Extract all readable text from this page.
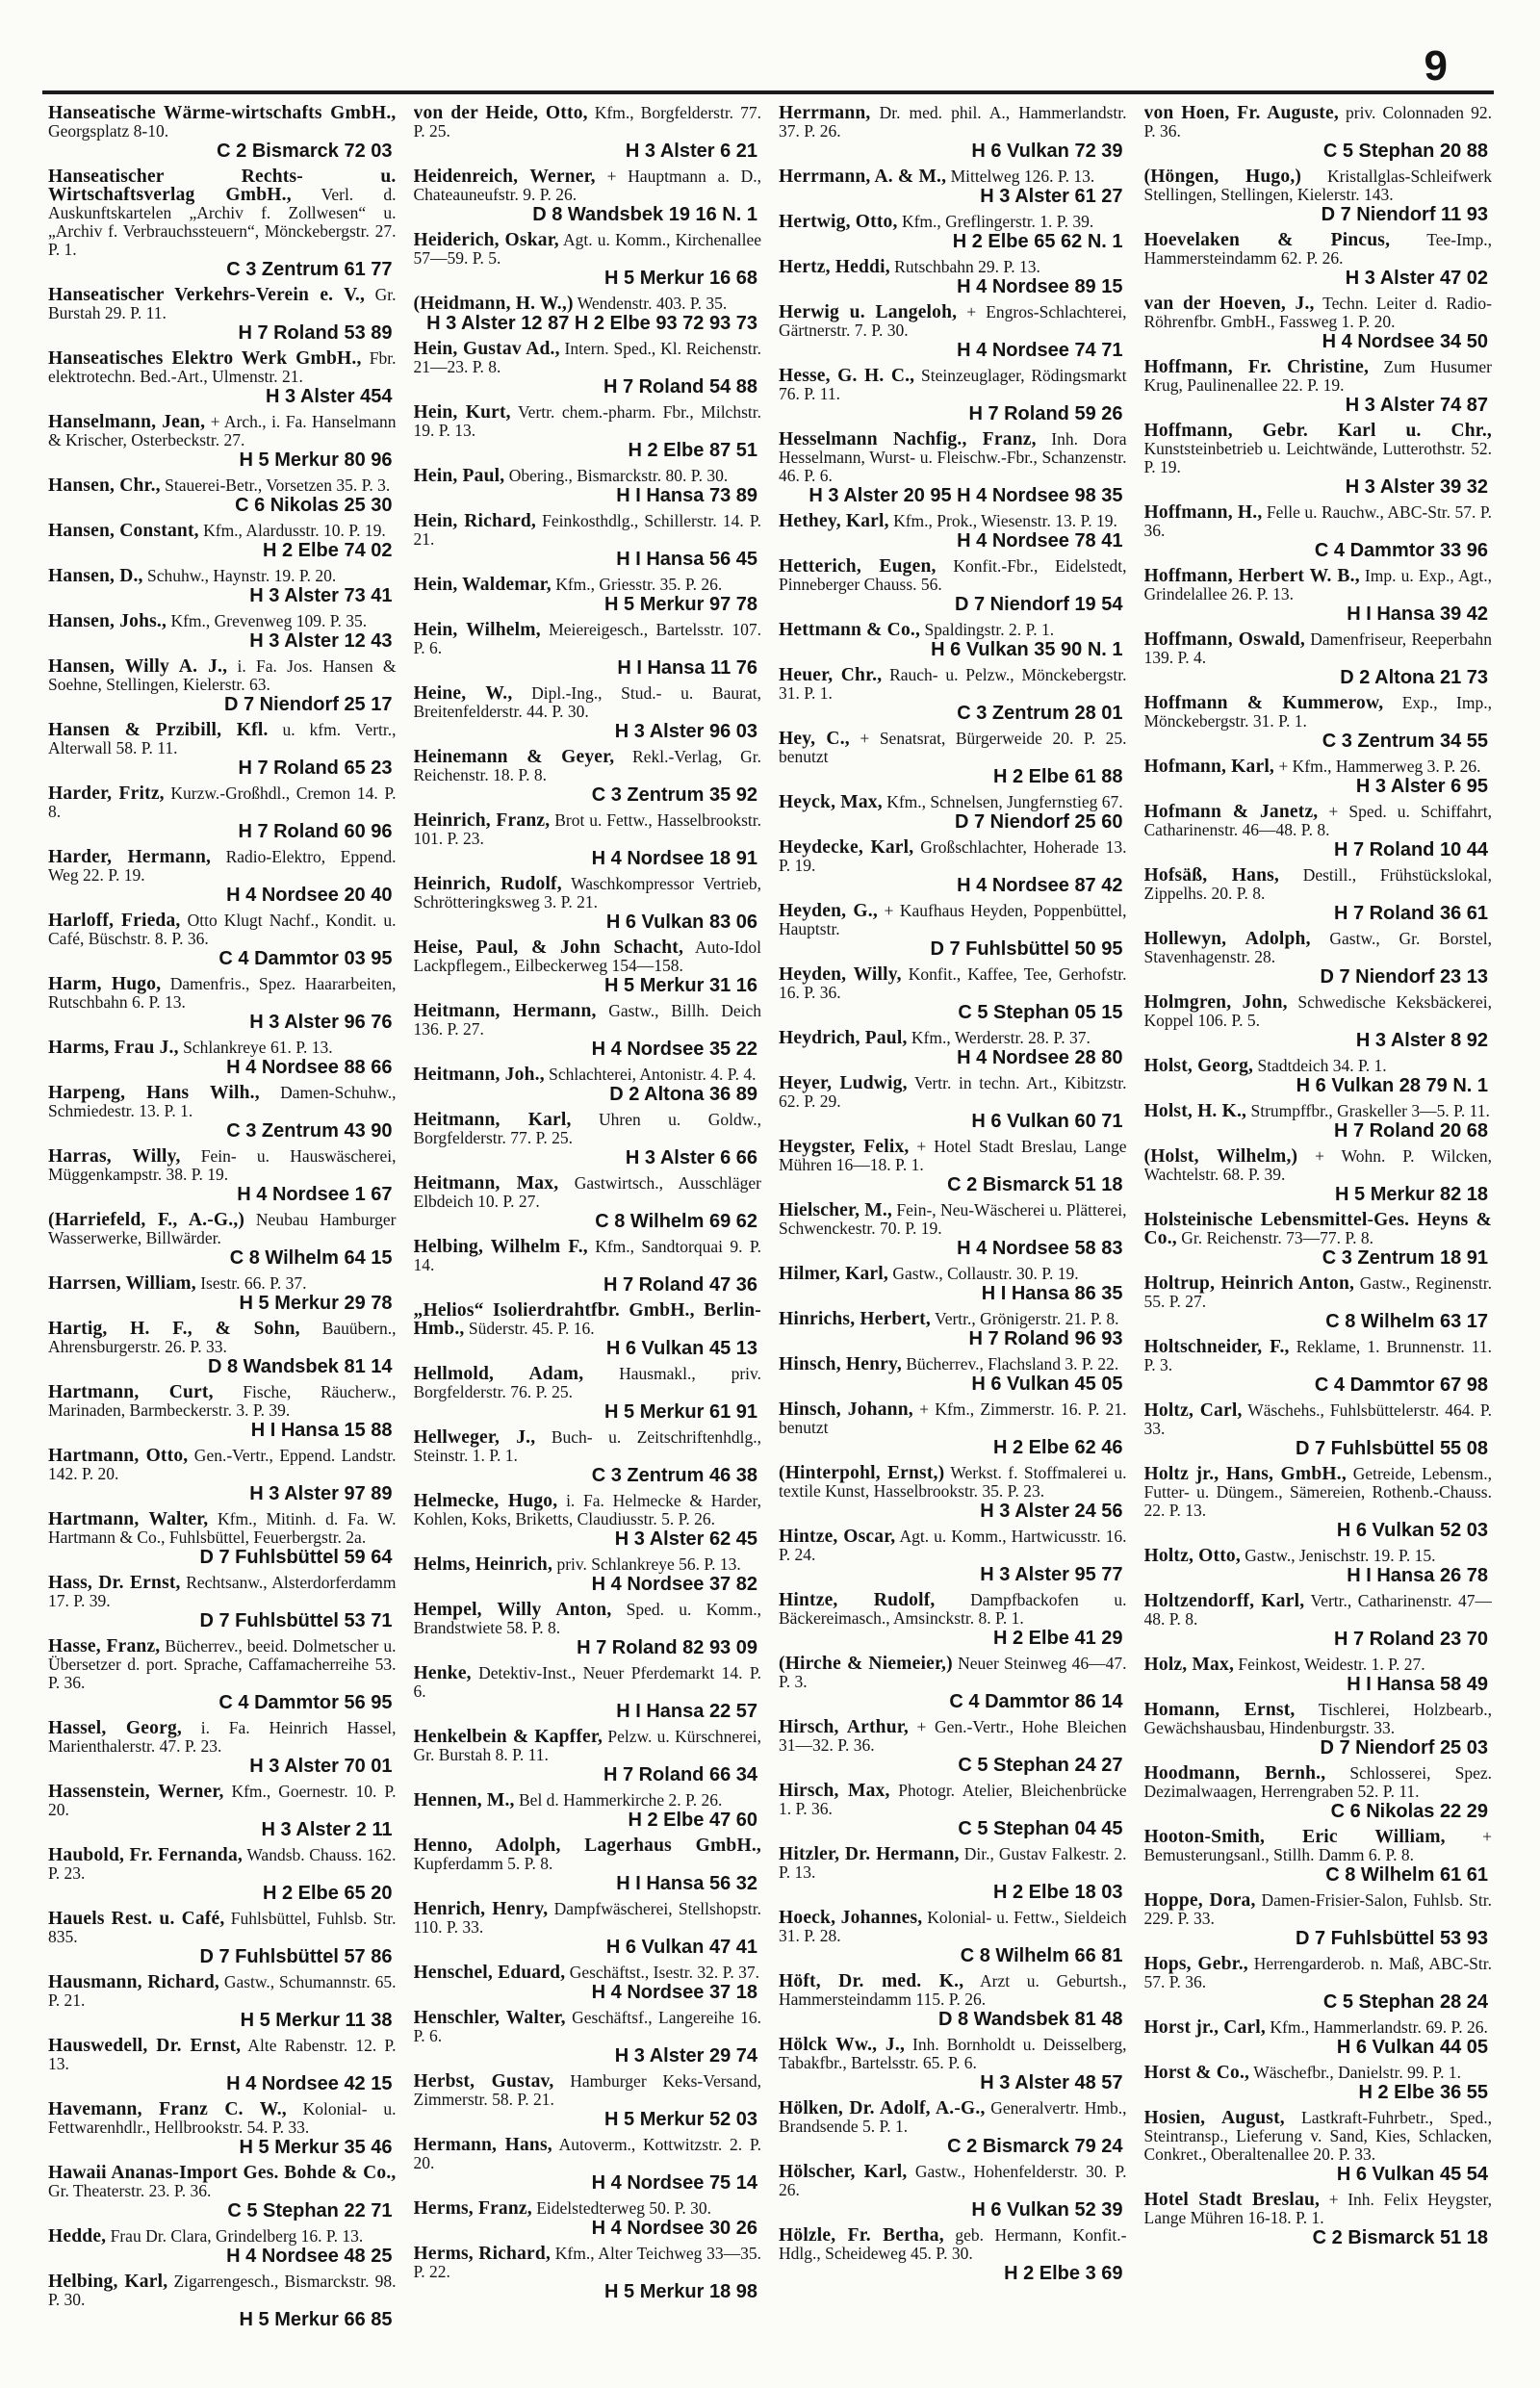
9
Hanseatische Wärme-wirtschafts GmbH., Georgsplatz 8-10.
C 2 Bismarck 72 03
Hanseatischer Rechts- u. Wirtschaftsverlag GmbH., Verl. d. Auskunftskartelen „Archiv f. Zollwesen“ u. „Archiv f. Verbrauchssteuern“, Mönckebergstr. 27. P. 1.
C 3 Zentrum 61 77
Hanseatischer Verkehrs-Verein e. V., Gr. Burstah 29. P. 11.
H 7 Roland 53 89
Hanseatisches Elektro Werk GmbH., Fbr. elektrotechn. Bed.-Art., Ulmenstr. 21.
H 3 Alster 454
Hanselmann, Jean, + Arch., i. Fa. Hanselmann & Krischer, Osterbeckstr. 27.
H 5 Merkur 80 96
Hansen, Chr., Stauerei-Betr., Vorsetzen 35. P. 3.
C 6 Nikolas 25 30
Hansen, Constant, Kfm., Alardusstr. 10. P. 19.
H 2 Elbe 74 02
Hansen, D., Schuhw., Haynstr. 19. P. 20.
H 3 Alster 73 41
Hansen, Johs., Kfm., Grevenweg 109. P. 35.
H 3 Alster 12 43
Hansen, Willy A. J., i. Fa. Jos. Hansen & Soehne, Stellingen, Kielerstr. 63.
D 7 Niendorf 25 17
Hansen & Przibill, Kfl. u. kfm. Vertr., Alterwall 58. P. 11.
H 7 Roland 65 23
Harder, Fritz, Kurzw.-Großhdl., Cremon 14. P. 8.
H 7 Roland 60 96
Harder, Hermann, Radio-Elektro, Eppend. Weg 22. P. 19.
H 4 Nordsee 20 40
Harloff, Frieda, Otto Klugt Nachf., Kondit. u. Café, Büschstr. 8. P. 36.
C 4 Dammtor 03 95
Harm, Hugo, Damenfris., Spez. Haararbeiten, Rutschbahn 6. P. 13.
H 3 Alster 96 76
Harms, Frau J., Schlankreye 61. P. 13.
H 4 Nordsee 88 66
Harpeng, Hans Wilh., Damen-Schuhw., Schmiedestr. 13. P. 1.
C 3 Zentrum 43 90
Harras, Willy, Fein- u. Hauswäscherei, Müggenkampstr. 38. P. 19.
H 4 Nordsee 1 67
(Harriefeld, F., A.-G.,) Neubau Hamburger Wasserwerke, Billwärder.
C 8 Wilhelm 64 15
Harrsen, William, Isestr. 66. P. 37.
H 5 Merkur 29 78
Hartig, H. F., & Sohn, Bauübern., Ahrensburgerstr. 26. P. 33.
D 8 Wandsbek 81 14
Hartmann, Curt, Fische, Räucherw., Marinaden, Barmbeckerstr. 3. P. 39.
H I Hansa 15 88
Hartmann, Otto, Gen.-Vertr., Eppend. Landstr. 142. P. 20.
H 3 Alster 97 89
Hartmann, Walter, Kfm., Mitinh. d. Fa. W. Hartmann & Co., Fuhlsbüttel, Feuerbergstr. 2a.
D 7 Fuhlsbüttel 59 64
Hass, Dr. Ernst, Rechtsanw., Alsterdorferdamm 17. P. 39.
D 7 Fuhlsbüttel 53 71
Hasse, Franz, Bücherrev., beeid. Dolmetscher u. Übersetzer d. port. Sprache, Caffamacherreihe 53. P. 36.
C 4 Dammtor 56 95
Hassel, Georg, i. Fa. Heinrich Hassel, Marienthalerstr. 47. P. 23.
H 3 Alster 70 01
Hassenstein, Werner, Kfm., Goernestr. 10. P. 20.
H 3 Alster 2 11
Haubold, Fr. Fernanda, Wandsb. Chauss. 162. P. 23.
H 2 Elbe 65 20
Hauels Rest. u. Café, Fuhlsbüttel, Fuhlsb. Str. 835.
D 7 Fuhlsbüttel 57 86
Hausmann, Richard, Gastw., Schumannstr. 65. P. 21.
H 5 Merkur 11 38
Hauswedell, Dr. Ernst, Alte Rabenstr. 12. P. 13.
H 4 Nordsee 42 15
Havemann, Franz C. W., Kolonial- u. Fettwarenhdlr., Hellbrookstr. 54. P. 33.
H 5 Merkur 35 46
Hawaii Ananas-Import Ges. Bohde & Co., Gr. Theaterstr. 23. P. 36.
C 5 Stephan 22 71
Hedde, Frau Dr. Clara, Grindelberg 16. P. 13.
H 4 Nordsee 48 25
Helbing, Karl, Zigarrengesch., Bismarckstr. 98. P. 30.
H 5 Merkur 66 85
von der Heide, Otto, Kfm., Borgfelderstr. 77. P. 25.
H 3 Alster 6 21
Heidenreich, Werner, + Hauptmann a. D., Chateauneufstr. 9. P. 26.
D 8 Wandsbek 19 16 N. 1
Heiderich, Oskar, Agt. u. Komm., Kirchenallee 57—59. P. 5.
H 5 Merkur 16 68
(Heidmann, H. W.,) Wendenstr. 403. P. 35.
H 3 Alster 12 87 H 2 Elbe 93 72 93 73
Hein, Gustav Ad., Intern. Sped., Kl. Reichenstr. 21—23. P. 8.
H 7 Roland 54 88
Hein, Kurt, Vertr. chem.-pharm. Fbr., Milchstr. 19. P. 13.
H 2 Elbe 87 51
Hein, Paul, Obering., Bismarckstr. 80. P. 30.
H I Hansa 73 89
Hein, Richard, Feinkosthdlg., Schillerstr. 14. P. 21.
H I Hansa 56 45
Hein, Waldemar, Kfm., Griesstr. 35. P. 26.
H 5 Merkur 97 78
Hein, Wilhelm, Meiereigesch., Bartelsstr. 107. P. 6.
H I Hansa 11 76
Heine, W., Dipl.-Ing., Stud.- u. Baurat, Breitenfelderstr. 44. P. 30.
H 3 Alster 96 03
Heinemann & Geyer, Rekl.-Verlag, Gr. Reichenstr. 18. P. 8.
C 3 Zentrum 35 92
Heinrich, Franz, Brot u. Fettw., Hasselbrookstr. 101. P. 23.
H 4 Nordsee 18 91
Heinrich, Rudolf, Waschkompressor Vertrieb, Schrötteringksweg 3. P. 21.
H 6 Vulkan 83 06
Heise, Paul, & John Schacht, Auto-Idol Lackpflegem., Eilbeckerweg 154—158.
H 5 Merkur 31 16
Heitmann, Hermann, Gastw., Billh. Deich 136. P. 27.
H 4 Nordsee 35 22
Heitmann, Joh., Schlachterei, Antonistr. 4. P. 4.
D 2 Altona 36 89
Heitmann, Karl, Uhren u. Goldw., Borgfelderstr. 77. P. 25.
H 3 Alster 6 66
Heitmann, Max, Gastwirtsch., Ausschläger Elbdeich 10. P. 27.
C 8 Wilhelm 69 62
Helbing, Wilhelm F., Kfm., Sandtorquai 9. P. 14.
H 7 Roland 47 36
„Helios“ Isolierdrahtfbr. GmbH., Berlin-Hmb., Süderstr. 45. P. 16.
H 6 Vulkan 45 13
Hellmold, Adam, Hausmakl., priv. Borgfelderstr. 76. P. 25.
H 5 Merkur 61 91
Hellweger, J., Buch- u. Zeitschriftenhdlg., Steinstr. 1. P. 1.
C 3 Zentrum 46 38
Helmecke, Hugo, i. Fa. Helmecke & Harder, Kohlen, Koks, Briketts, Claudiusstr. 5. P. 26.
H 3 Alster 62 45
Helms, Heinrich, priv. Schlankreye 56. P. 13.
H 4 Nordsee 37 82
Hempel, Willy Anton, Sped. u. Komm., Brandstwiete 58. P. 8.
H 7 Roland 82 93 09
Henke, Detektiv-Inst., Neuer Pferdemarkt 14. P. 6.
H I Hansa 22 57
Henkelbein & Kapffer, Pelzw. u. Kürschnerei, Gr. Burstah 8. P. 11.
H 7 Roland 66 34
Hennen, M., Bel d. Hammerkirche 2. P. 26.
H 2 Elbe 47 60
Henno, Adolph, Lagerhaus GmbH., Kupferdamm 5. P. 8.
H I Hansa 56 32
Henrich, Henry, Dampfwäscherei, Stellshopstr. 110. P. 33.
H 6 Vulkan 47 41
Henschel, Eduard, Geschäftst., Isestr. 32. P. 37.
H 4 Nordsee 37 18
Henschler, Walter, Geschäftsf., Langereihe 16. P. 6.
H 3 Alster 29 74
Herbst, Gustav, Hamburger Keks-Versand, Zimmerstr. 58. P. 21.
H 5 Merkur 52 03
Hermann, Hans, Autoverm., Kottwitzstr. 2. P. 20.
H 4 Nordsee 75 14
Herms, Franz, Eidelstedterweg 50. P. 30.
H 4 Nordsee 30 26
Herms, Richard, Kfm., Alter Teichweg 33—35. P. 22.
H 5 Merkur 18 98
Herrmann, Dr. med. phil. A., Hammerlandstr. 37. P. 26.
H 6 Vulkan 72 39
Herrmann, A. & M., Mittelweg 126. P. 13.
H 3 Alster 61 27
Hertwig, Otto, Kfm., Greflingerstr. 1. P. 39.
H 2 Elbe 65 62 N. 1
Hertz, Heddi, Rutschbahn 29. P. 13.
H 4 Nordsee 89 15
Herwig u. Langeloh, + Engros-Schlachterei, Gärtnerstr. 7. P. 30.
H 4 Nordsee 74 71
Hesse, G. H. C., Steinzeuglager, Rödingsmarkt 76. P. 11.
H 7 Roland 59 26
Hesselmann Nachfig., Franz, Inh. Dora Hesselmann, Wurst- u. Fleischw.-Fbr., Schanzenstr. 46. P. 6.
H 3 Alster 20 95 H 4 Nordsee 98 35
Hethey, Karl, Kfm., Prok., Wiesenstr. 13. P. 19.
H 4 Nordsee 78 41
Hetterich, Eugen, Konfit.-Fbr., Eidelstedt, Pinneberger Chauss. 56.
D 7 Niendorf 19 54
Hettmann & Co., Spaldingstr. 2. P. 1.
H 6 Vulkan 35 90 N. 1
Heuer, Chr., Rauch- u. Pelzw., Mönckebergstr. 31. P. 1.
C 3 Zentrum 28 01
Hey, C., + Senatsrat, Bürgerweide 20. P. 25. benutzt
H 2 Elbe 61 88
Heyck, Max, Kfm., Schnelsen, Jungfernstieg 67.
D 7 Niendorf 25 60
Heydecke, Karl, Großschlachter, Hoherade 13. P. 19.
H 4 Nordsee 87 42
Heyden, G., + Kaufhaus Heyden, Poppenbüttel, Hauptstr.
D 7 Fuhlsbüttel 50 95
Heyden, Willy, Konfit., Kaffee, Tee, Gerhofstr. 16. P. 36.
C 5 Stephan 05 15
Heydrich, Paul, Kfm., Werderstr. 28. P. 37.
H 4 Nordsee 28 80
Heyer, Ludwig, Vertr. in techn. Art., Kibitzstr. 62. P. 29.
H 6 Vulkan 60 71
Heygster, Felix, + Hotel Stadt Breslau, Lange Mühren 16—18. P. 1.
C 2 Bismarck 51 18
Hielscher, M., Fein-, Neu-Wäscherei u. Plätterei, Schwenckestr. 70. P. 19.
H 4 Nordsee 58 83
Hilmer, Karl, Gastw., Collaustr. 30. P. 19.
H I Hansa 86 35
Hinrichs, Herbert, Vertr., Grönigerstr. 21. P. 8.
H 7 Roland 96 93
Hinsch, Henry, Bücherrev., Flachsland 3. P. 22.
H 6 Vulkan 45 05
Hinsch, Johann, + Kfm., Zimmerstr. 16. P. 21. benutzt
H 2 Elbe 62 46
(Hinterpohl, Ernst,) Werkst. f. Stoffmalerei u. textile Kunst, Hasselbrookstr. 35. P. 23.
H 3 Alster 24 56
Hintze, Oscar, Agt. u. Komm., Hartwicusstr. 16. P. 24.
H 3 Alster 95 77
Hintze, Rudolf, Dampfbackofen u. Bäckereimasch., Amsinckstr. 8. P. 1.
H 2 Elbe 41 29
(Hirche & Niemeier,) Neuer Steinweg 46—47. P. 3.
C 4 Dammtor 86 14
Hirsch, Arthur, + Gen.-Vertr., Hohe Bleichen 31—32. P. 36.
C 5 Stephan 24 27
Hirsch, Max, Photogr. Atelier, Bleichenbrücke 1. P. 36.
C 5 Stephan 04 45
Hitzler, Dr. Hermann, Dir., Gustav Falkestr. 2. P. 13.
H 2 Elbe 18 03
Hoeck, Johannes, Kolonial- u. Fettw., Sieldeich 31. P. 28.
C 8 Wilhelm 66 81
Höft, Dr. med. K., Arzt u. Geburtsh., Hammersteindamm 115. P. 26.
D 8 Wandsbek 81 48
Hölck Ww., J., Inh. Bornholdt u. Deisselberg, Tabakfbr., Bartelsstr. 65. P. 6.
H 3 Alster 48 57
Hölken, Dr. Adolf, A.-G., Generalvertr. Hmb., Brandsende 5. P. 1.
C 2 Bismarck 79 24
Hölscher, Karl, Gastw., Hohenfelderstr. 30. P. 26.
H 6 Vulkan 52 39
Hölzle, Fr. Bertha, geb. Hermann, Konfit.-Hdlg., Scheideweg 45. P. 30.
H 2 Elbe 3 69
von Hoen, Fr. Auguste, priv. Colonnaden 92. P. 36.
C 5 Stephan 20 88
(Höngen, Hugo,) Kristallglas-Schleifwerk Stellingen, Stellingen, Kielerstr. 143.
D 7 Niendorf 11 93
Hoevelaken & Pincus, Tee-Imp., Hammersteindamm 62. P. 26.
H 3 Alster 47 02
van der Hoeven, J., Techn. Leiter d. Radio-Röhrenfbr. GmbH., Fassweg 1. P. 20.
H 4 Nordsee 34 50
Hoffmann, Fr. Christine, Zum Husumer Krug, Paulinenallee 22. P. 19.
H 3 Alster 74 87
Hoffmann, Gebr. Karl u. Chr., Kunststeinbetrieb u. Leichtwände, Lutterothstr. 52. P. 19.
H 3 Alster 39 32
Hoffmann, H., Felle u. Rauchw., ABC-Str. 57. P. 36.
C 4 Dammtor 33 96
Hoffmann, Herbert W. B., Imp. u. Exp., Agt., Grindelallee 26. P. 13.
H I Hansa 39 42
Hoffmann, Oswald, Damenfriseur, Reeperbahn 139. P. 4.
D 2 Altona 21 73
Hoffmann & Kummerow, Exp., Imp., Mönckebergstr. 31. P. 1.
C 3 Zentrum 34 55
Hofmann, Karl, + Kfm., Hammerweg 3. P. 26.
H 3 Alster 6 95
Hofmann & Janetz, + Sped. u. Schiffahrt, Catharinenstr. 46—48. P. 8.
H 7 Roland 10 44
Hofsäß, Hans, Destill., Frühstückslokal, Zippelhs. 20. P. 8.
H 7 Roland 36 61
Hollewyn, Adolph, Gastw., Gr. Borstel, Stavenhagenstr. 28.
D 7 Niendorf 23 13
Holmgren, John, Schwedische Keksbäckerei, Koppel 106. P. 5.
H 3 Alster 8 92
Holst, Georg, Stadtdeich 34. P. 1.
H 6 Vulkan 28 79 N. 1
Holst, H. K., Strumpffbr., Graskeller 3—5. P. 11.
H 7 Roland 20 68
(Holst, Wilhelm,) + Wohn. P. Wilcken, Wachtelstr. 68. P. 39.
H 5 Merkur 82 18
Holsteinische Lebensmittel-Ges. Heyns & Co., Gr. Reichenstr. 73—77. P. 8.
C 3 Zentrum 18 91
Holtrup, Heinrich Anton, Gastw., Reginenstr. 55. P. 27.
C 8 Wilhelm 63 17
Holtschneider, F., Reklame, 1. Brunnenstr. 11. P. 3.
C 4 Dammtor 67 98
Holtz, Carl, Wäschehs., Fuhlsbüttelerstr. 464. P. 33.
D 7 Fuhlsbüttel 55 08
Holtz jr., Hans, GmbH., Getreide, Lebensm., Futter- u. Düngem., Sämereien, Rothenb.-Chauss. 22. P. 13.
H 6 Vulkan 52 03
Holtz, Otto, Gastw., Jenischstr. 19. P. 15.
H I Hansa 26 78
Holtzendorff, Karl, Vertr., Catharinenstr. 47—48. P. 8.
H 7 Roland 23 70
Holz, Max, Feinkost, Weidestr. 1. P. 27.
H I Hansa 58 49
Homann, Ernst, Tischlerei, Holzbearb., Gewächshausbau, Hindenburgstr. 33.
D 7 Niendorf 25 03
Hoodmann, Bernh., Schlosserei, Spez. Dezimalwaagen, Herrengraben 52. P. 11.
C 6 Nikolas 22 29
Hooton-Smith, Eric William, + Bemusterungsanl., Stillh. Damm 6. P. 8.
C 8 Wilhelm 61 61
Hoppe, Dora, Damen-Frisier-Salon, Fuhlsb. Str. 229. P. 33.
D 7 Fuhlsbüttel 53 93
Hops, Gebr., Herrengarderob. n. Maß, ABC-Str. 57. P. 36.
C 5 Stephan 28 24
Horst jr., Carl, Kfm., Hammerlandstr. 69. P. 26.
H 6 Vulkan 44 05
Horst & Co., Wäschefbr., Danielstr. 99. P. 1.
H 2 Elbe 36 55
Hosien, August, Lastkraft-Fuhrbetr., Sped., Steintransp., Lieferung v. Sand, Kies, Schlacken, Conkret., Oberaltenallee 20. P. 33.
H 6 Vulkan 45 54
Hotel Stadt Breslau, + Inh. Felix Heygster, Lange Mühren 16-18. P. 1.
C 2 Bismarck 51 18
